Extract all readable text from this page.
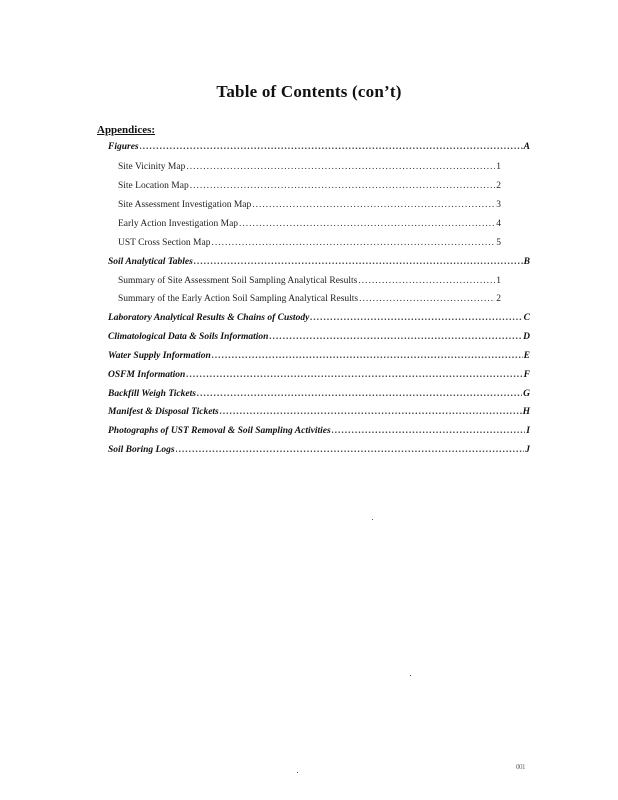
Table of Contents (con’t)
Appendices:
Figures .....	A
Site Vicinity Map .....	1
Site Location Map .....	2
Site Assessment Investigation Map .....	3
Early Action Investigation Map .....	4
UST Cross Section Map .....	5
Soil Analytical Tables .....	B
Summary of Site Assessment Soil Sampling Analytical Results .....	1
Summary of the Early Action Soil Sampling Analytical Results .....	2
Laboratory Analytical Results & Chains of Custody .....	C
Climatological Data & Soils Information .....	D
Water Supply Information .....	E
OSFM Information .....	F
Backfill Weigh Tickets .....	G
Manifest & Disposal Tickets .....	H
Photographs of UST Removal & Soil Sampling Activities .....	I
Soil Boring Logs .....	J
001
